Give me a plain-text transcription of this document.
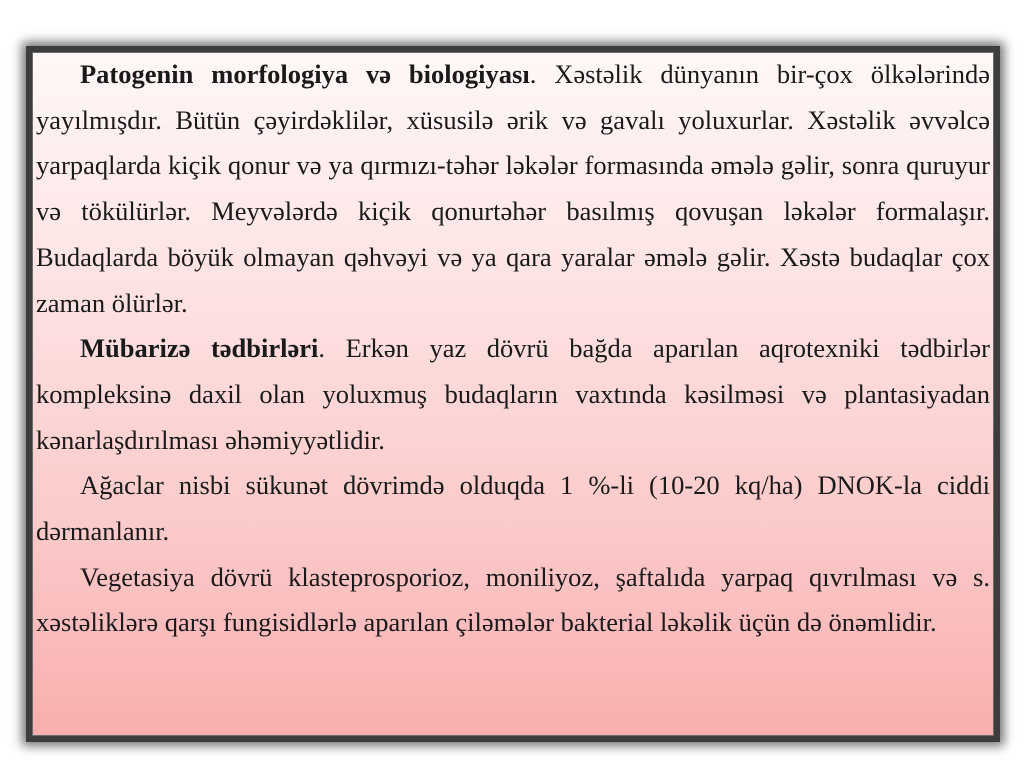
Patogenin morfologiya və biologiyası. Xəstəlik dünyanın bir-çox ölkələrində yayılmışdır. Bütün çəyirdəklilər, xüsusilə ərik və gavalı yoluxurlar. Xəstəlik əvvəlcə yarpaqlarda kiçik qonur və ya qırmızı-təhər ləkələr formasında əmələ gəlir, sonra quruyur və tökülürlər. Meyvələrdə kiçik qonurtəhər basılmış qovuşan ləkələr formalaşır. Budaqlarda böyük olmayan qəhvəyi və ya qara yaralar əmələ gəlir. Xəstə budaqlar çox zaman ölürlər.

Mübarizə tədbirləri. Erkən yaz dövrü bağda aparılan aqrotexniki tədbirlər kompleksinə daxil olan yoluxmuş budaqların vaxtında kəsilməsi və plantasiyadan kənarlaşdırılması əhəmiyyətlidir.

Ağaclar nisbi sükunət dövrimdə olduqda 1 %-li (10-20 kq/ha) DNOK-la ciddi dərmanlanır.

Vegetasiya dövrü klasteprosporioz, moniliyoz, şaftalıda yarpaq qıvrılması və s. xəstəliklərə qarşı fungisidlərlə aparılan çiləmələr bakterial ləkəlik üçün də önəmlidir.
